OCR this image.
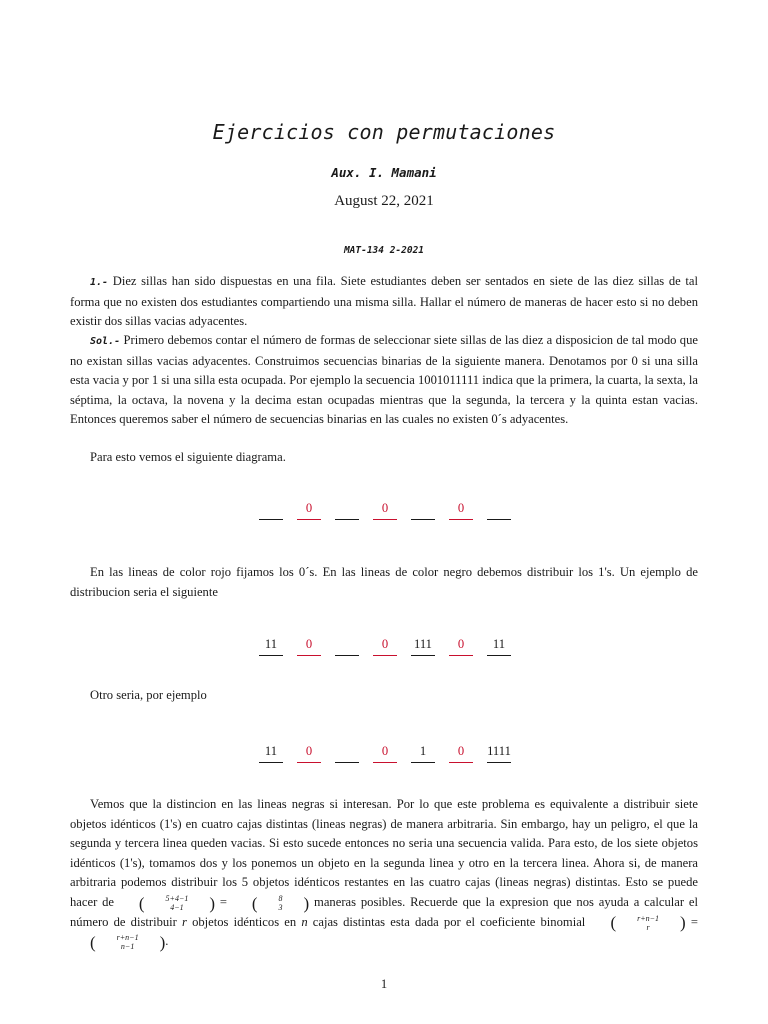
Ejercicios con permutaciones
Aux. I. Mamani
August 22, 2021
MAT-134 2-2021

1.- Diez sillas han sido dispuestas en una fila. Siete estudiantes deben ser sentados en siete de las diez sillas de tal forma que no existen dos estudiantes compartiendo una misma silla. Hallar el número de maneras de hacer esto si no deben existir dos sillas vacias adyacentes.

Sol.- Primero debemos contar el número de formas de seleccionar siete sillas de las diez a disposicion de tal modo que no existan sillas vacias adyacentes. Construimos secuencias binarias de la siguiente manera. Denotamos por 0 si una silla esta vacia y por 1 si una silla esta ocupada. Por ejemplo la secuencia 1001011111 indica que la primera, la cuarta, la sexta, la séptima, la octava, la novena y la decima estan ocupadas mientras que la segunda, la tercera y la quinta estan vacias. Entonces queremos saber el número de secuencias binarias en las cuales no existen 0´s adyacentes.

Para esto vemos el siguiente diagrama.

0	0	0

En las lineas de color rojo fijamos los 0´s. En las lineas de color negro debemos distribuir los 1's. Un ejemplo de distribucion seria el siguiente

11	0	0	111	0	11

Otro seria, por ejemplo

11	0	0	1	0	1111

Vemos que la distincion en las lineas negras si interesan. Por lo que este problema es equivalente a distribuir siete objetos idénticos (1's) en cuatro cajas distintas (lineas negras) de manera arbitraria. Sin embargo, hay un peligro, el que la segunda y tercera linea queden vacias. Si esto sucede entonces no seria una secuencia valida. Para esto, de los siete objetos idénticos (1's), tomamos dos y los ponemos un objeto en la segunda linea y otro en la tercera linea. Ahora si, de manera arbitraria podemos distribuir los 5 objetos idénticos restantes en las cuatro cajas (lineas negras) distintas. Esto se puede hacer de	(	5+4−1
4−1	) =	(	8
3	) maneras posibles. Recuerde que la expresion que nos ayuda a calcular el número de distribuir r objetos idénticos en n cajas distintas esta dada por el coeficiente binomial	(	r+n−1
r	) =
(	r+n−1
n−1	) .

1
